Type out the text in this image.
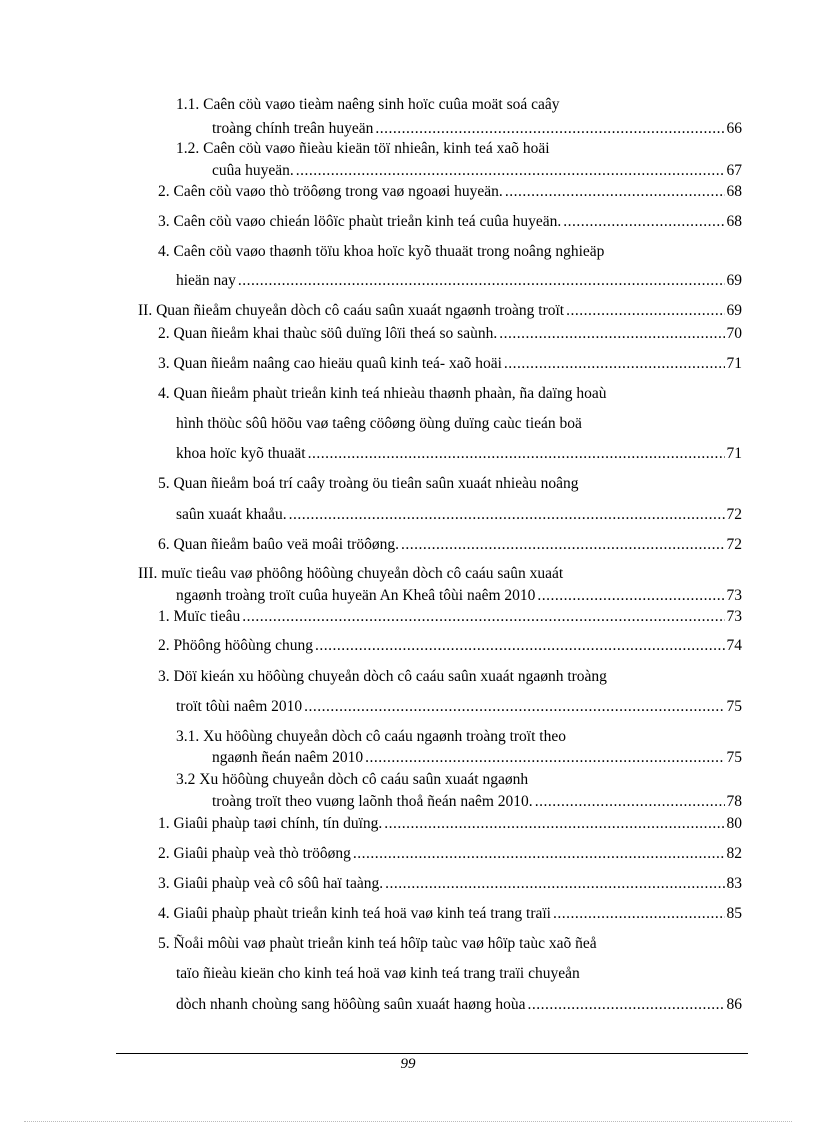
1.1. Caên cöù vaøo tieàm naêng sinh hoïc cuûa moät soá caây
troàng chính treân huyeän .....	66
1.2. Caên cöù vaøo ñieàu kieän töï nhieân, kinh teá xaõ hoäi
cuûa huyeän. .....	67
2. Caên cöù vaøo thò tröôøng trong vaø ngoaøi huyeän. .....	68
3. Caên cöù vaøo chieán löôïc phaùt trieån kinh teá cuûa huyeän. .....	68
4. Caên cöù vaøo thaønh töïu khoa hoïc kyõ thuaät trong noâng nghieäp
hieän nay .....	69
II. Quan ñieåm chuyeån dòch cô caáu saûn xuaát ngaønh troàng troït .....	69
2. Quan ñieåm khai thaùc söû duïng lôïi theá so saùnh. .....	70
3. Quan ñieåm naâng cao hieäu quaû kinh teá- xaõ hoäi .....	71
4. Quan ñieåm phaùt trieån kinh teá nhieàu thaønh phaàn, ña daïng hoaù
hình thöùc sôû höõu vaø taêng cöôøng öùng duïng caùc tieán boä
khoa hoïc kyõ thuaät .....	71
5. Quan ñieåm boá trí caây troàng öu tieân saûn xuaát nhieàu noâng
saûn xuaát khaåu. .....	72
6. Quan ñieåm baûo veä moâi tröôøng. .....	72
III. muïc tieâu vaø phöông höôùng chuyeån dòch cô caáu saûn xuaát
ngaønh troàng troït cuûa huyeän An Kheâ tôùi naêm 2010 .....	73
1. Muïc tieâu .....	73
2. Phöông höôùng chung .....	74
3. Döï kieán xu höôùng chuyeån dòch cô caáu saûn xuaát ngaønh troàng
troït tôùi naêm 2010 .....	75
3.1. Xu höôùng chuyeån dòch cô caáu ngaønh troàng troït theo
ngaønh ñeán naêm 2010 .....	75
3.2 Xu höôùng chuyeån dòch cô caáu saûn xuaát ngaønh
troàng troït theo vuøng laõnh thoå ñeán naêm 2010. .....	78
1. Giaûi phaùp taøi chính, tín duïng. .....	80
2. Giaûi phaùp veà thò tröôøng .....	82
3. Giaûi phaùp veà cô sôû haï taàng. .....	83
4. Giaûi phaùp phaùt trieån kinh teá hoä vaø kinh teá trang traïi .....	85
5. Ñoåi môùi vaø phaùt trieån kinh teá hôïp taùc vaø hôïp taùc xaõ ñeå
taïo ñieàu kieän cho kinh teá hoä vaø kinh teá trang traïi chuyeån
dòch nhanh choùng sang höôùng saûn xuaát haøng hoùa .....	86
99
